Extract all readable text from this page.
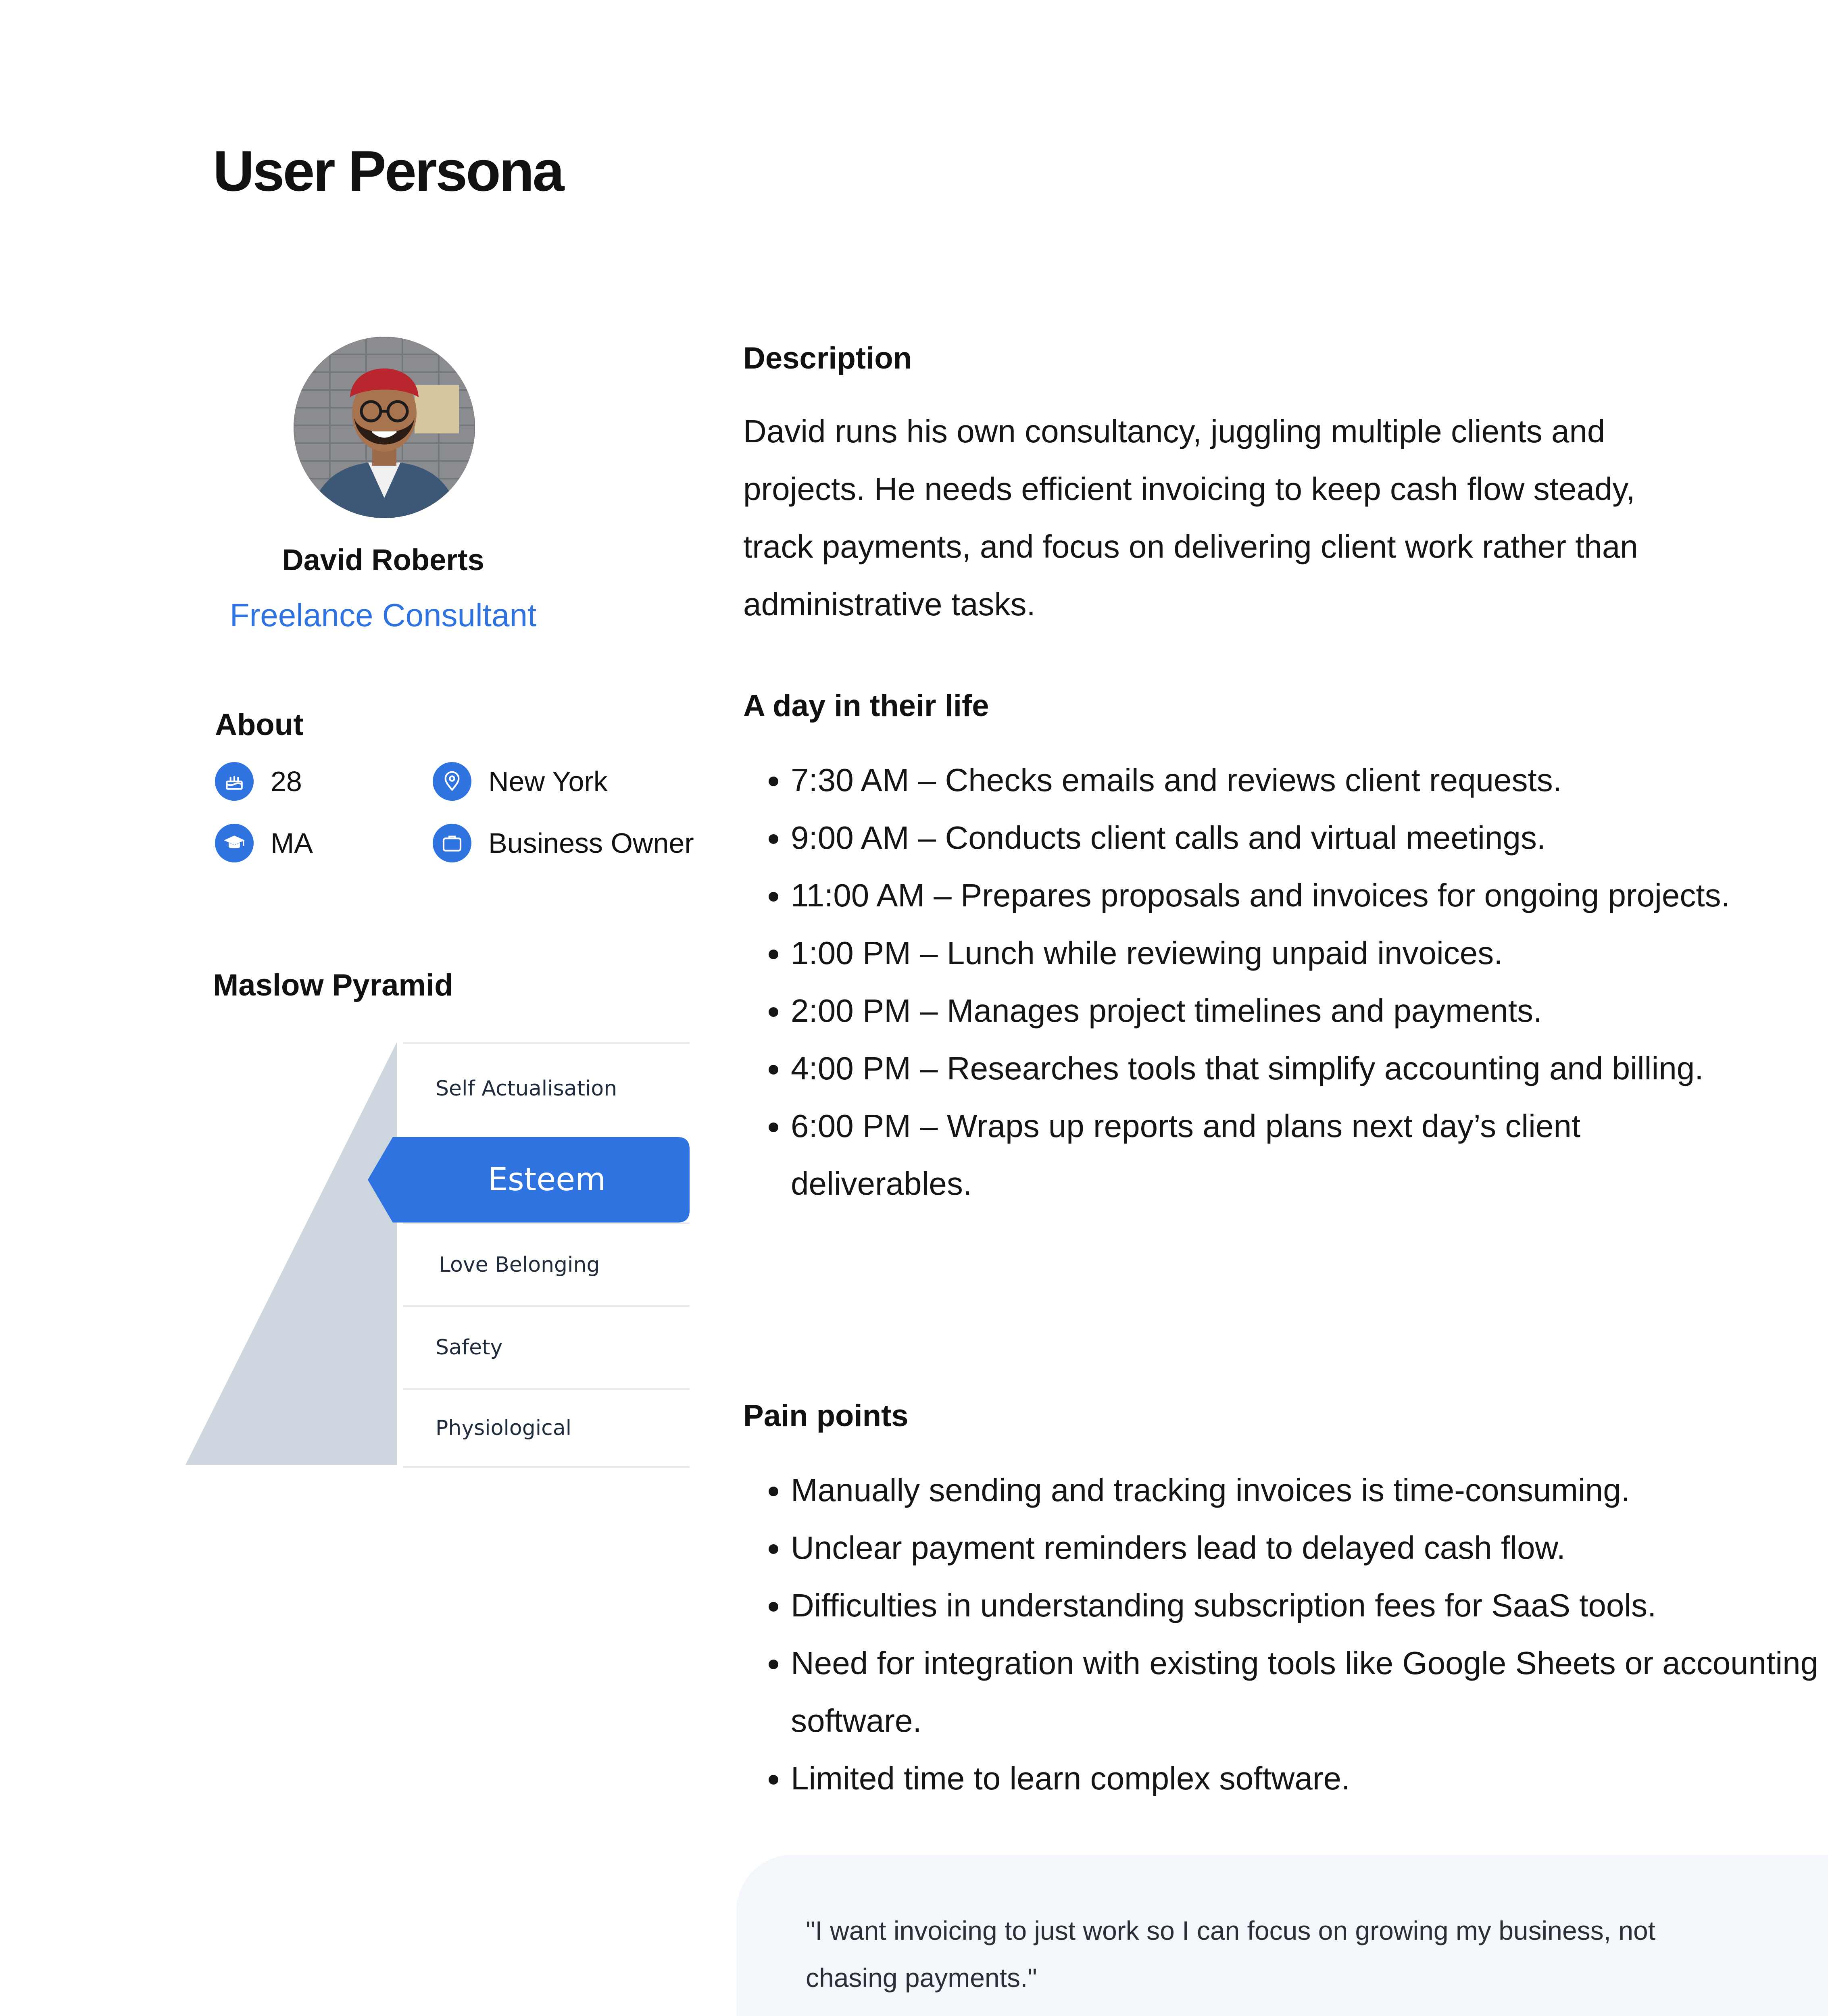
User Persona
David Roberts
Freelance Consultant
About
28	New York
MA	Business Owner
Maslow Pyramid
Self Actualisation
Esteem
Love Belonging
Safety
Physiological
Description

David runs his own consultancy, juggling multiple clients and projects. He needs efficient invoicing to keep cash flow steady, track payments, and focus on delivering client work rather than administrative tasks.

A day in their life
• 7:30 AM – Checks emails and reviews client requests.
• 9:00 AM – Conducts client calls and virtual meetings.
• 11:00 AM – Prepares proposals and invoices for ongoing projects.
• 1:00 PM – Lunch while reviewing unpaid invoices.
• 2:00 PM – Manages project timelines and payments.
• 4:00 PM – Researches tools that simplify accounting and billing.
• 6:00 PM – Wraps up reports and plans next day’s client deliverables.
Pain points
• Manually sending and tracking invoices is time-consuming.
• Unclear payment reminders lead to delayed cash flow.
• Difficulties in understanding subscription fees for SaaS tools.
• Need for integration with existing tools like Google Sheets or accounting software.
• Limited time to learn complex software.

"I want invoicing to just work so I can focus on growing my business, not chasing payments."
